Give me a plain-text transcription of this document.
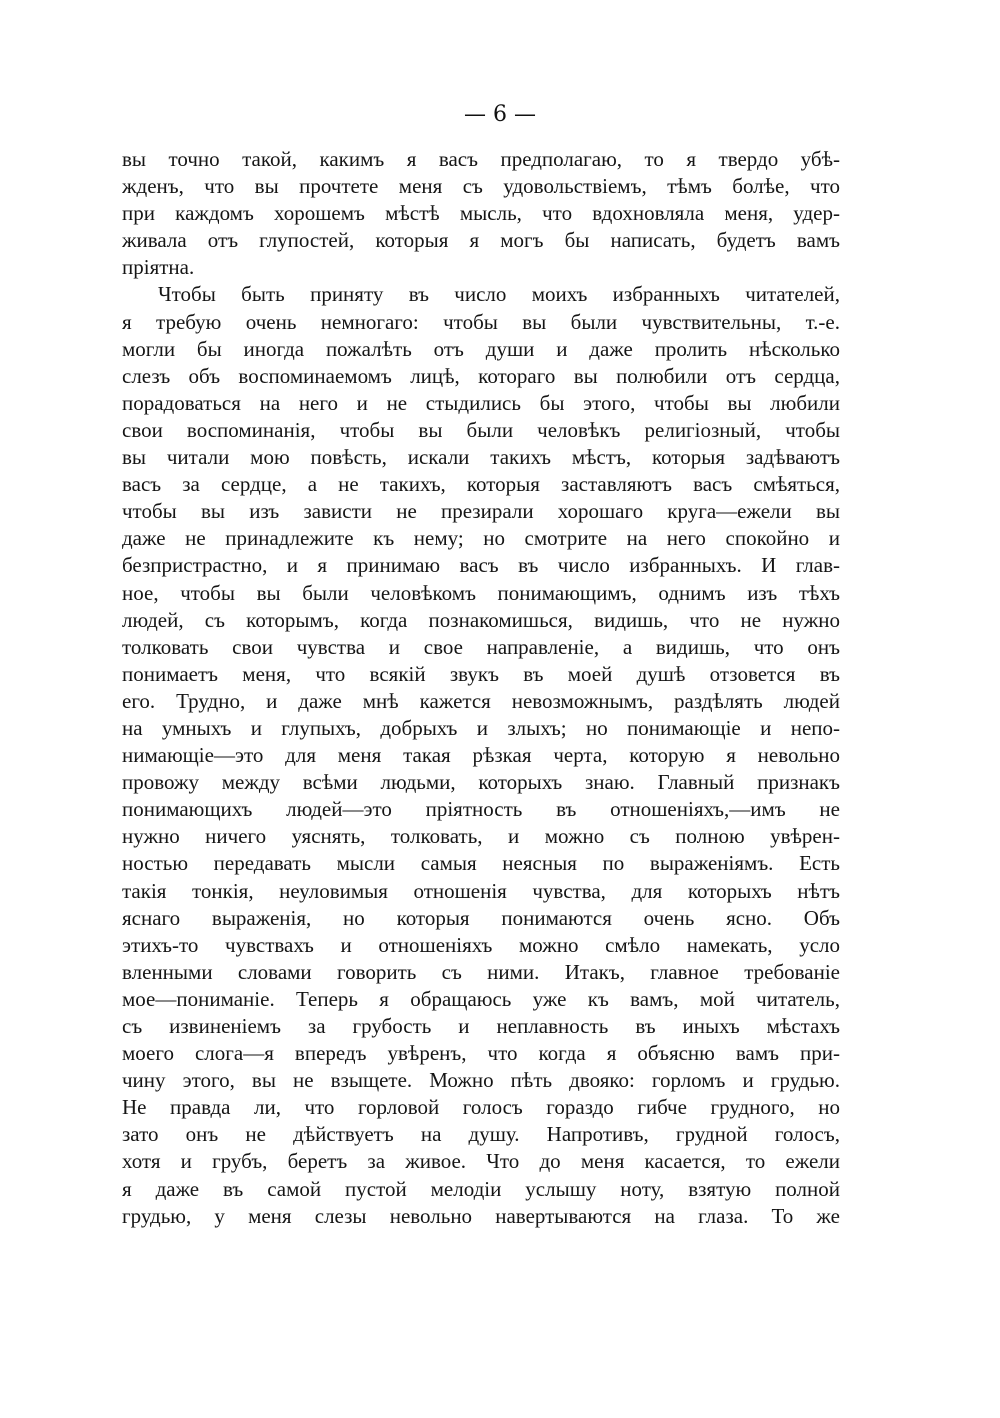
— 6 —
вы точно такой, какимъ я васъ предполагаю, то я твердо убѣ-
жденъ, что вы прочтете меня съ удовольствіемъ, тѣмъ болѣе, что
при каждомъ хорошемъ мѣстѣ мысль, что вдохновляла меня, удер-
живала отъ глупостей, которыя я могъ бы написать, будетъ вамъ
пріятна.
Чтобы быть приняту въ число моихъ избранныхъ читателей,
я требую очень немногаго: чтобы вы были чувствительны, т.-е.
могли бы иногда пожалѣть отъ души и даже пролить нѣсколько
слезъ объ воспоминаемомъ лицѣ, котораго вы полюбили отъ сердца,
порадоваться на него и не стыдились бы этого, чтобы вы любили
свои воспоминанія, чтобы вы были человѣкъ религіозный, чтобы
вы читали мою повѣсть, искали такихъ мѣстъ, которыя задѣваютъ
васъ за сердце, а не такихъ, которыя заставляютъ васъ смѣяться,
чтобы вы изъ зависти не презирали хорошаго круга—ежели вы
даже не принадлежите къ нему; но смотрите на него спокойно и
безпристрастно, и я принимаю васъ въ число избранныхъ. И глав-
ное, чтобы вы были человѣкомъ понимающимъ, однимъ изъ тѣхъ
людей, съ которымъ, когда познакомишься, видишь, что не нужно
толковать свои чувства и свое направленіе, а видишь, что онъ
понимаетъ меня, что всякій звукъ въ моей душѣ отзовется въ
его. Трудно, и даже мнѣ кажется невозможнымъ, раздѣлять людей
на умныхъ и глупыхъ, добрыхъ и злыхъ; но понимающіе и непо-
нимающіе—это для меня такая рѣзкая черта, которую я невольно
провожу между всѣми людьми, которыхъ знаю. Главный признакъ
понимающихъ людей—это пріятность въ отношеніяхъ,—имъ не
нужно ничего уяснять, толковать, и можно съ полною увѣрен-
ностью передавать мысли самыя неясныя по выраженіямъ. Есть
такія тонкія, неуловимыя отношенія чувства, для которыхъ нѣтъ
яснаго выраженія, но которыя понимаются очень ясно. Объ
этихъ-то чувствахъ и отношеніяхъ можно смѣло намекать, усло
вленными словами говорить съ ними. Итакъ, главное требованіе
мое—пониманіе. Теперь я обращаюсь уже къ вамъ, мой читатель,
съ извиненіемъ за грубость и неплавность въ иныхъ мѣстахъ
моего слога—я впередъ увѣренъ, что когда я объясню вамъ при-
чину этого, вы не взыщете. Можно пѣть двояко: горломъ и грудью.
Не правда ли, что горловой голосъ гораздо гибче грудного, но
зато онъ не дѣйствуетъ на душу. Напротивъ, грудной голосъ,
хотя и грубъ, беретъ за живое. Что до меня касается, то ежели
я даже въ самой пустой мелодіи услышу ноту, взятую полной
грудью, у меня слезы невольно навертываются на глаза. То же
